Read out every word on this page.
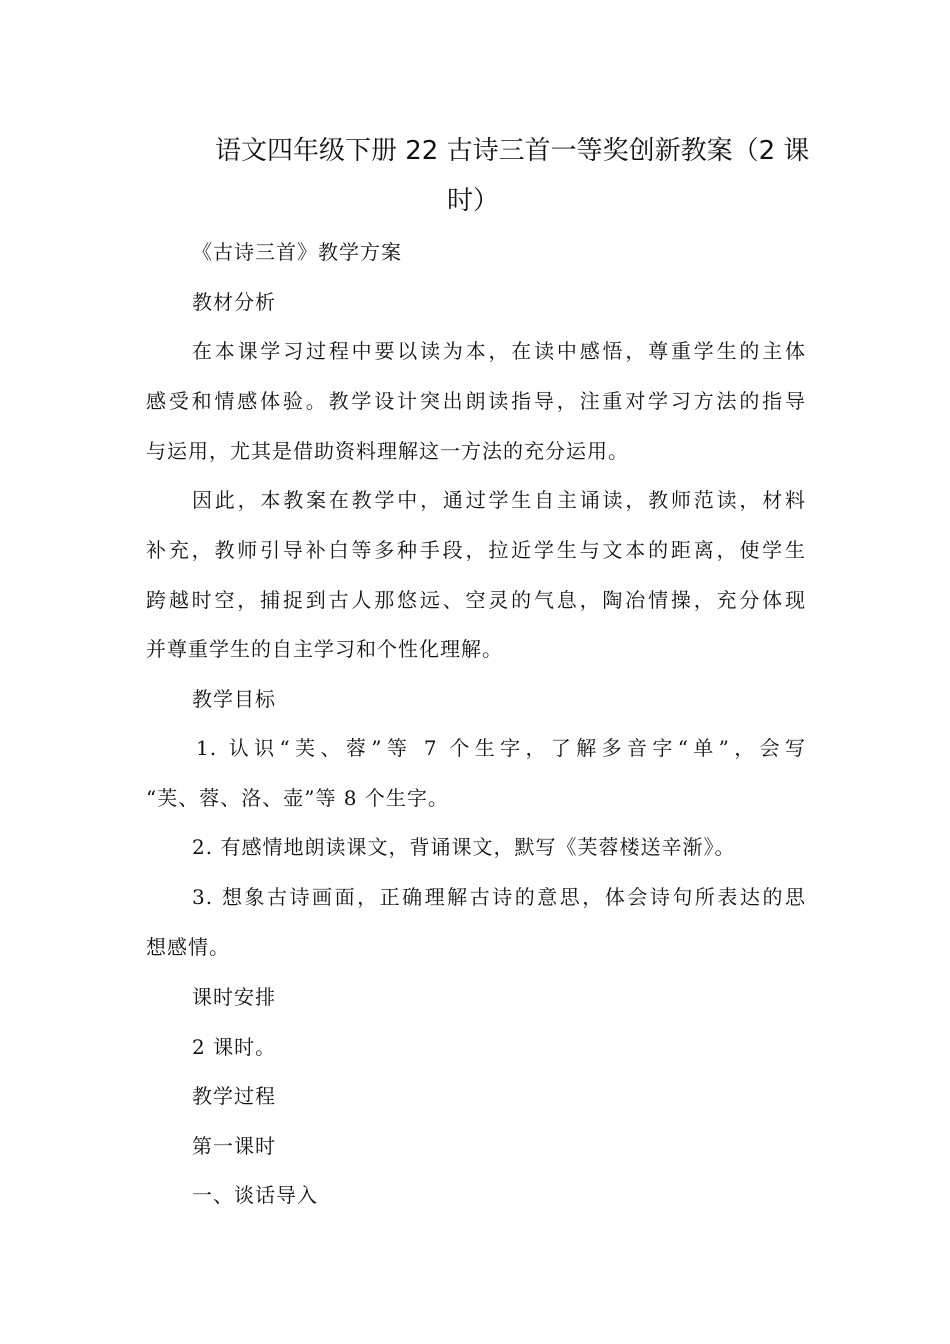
语文四年级下册 22 古诗三首一等奖创新教案（2 课
时）
《古诗三首》教学方案
教材分析
在本课学习过程中要以读为本，在读中感悟，尊重学生的主体
感受和情感体验。教学设计突出朗读指导，注重对学习方法的指导
与运用，尤其是借助资料理解这一方法的充分运用。
因此，本教案在教学中，通过学生自主诵读，教师范读，材料
补充，教师引导补白等多种手段，拉近学生与文本的距离，使学生
跨越时空，捕捉到古人那悠远、空灵的气息，陶冶情操，充分体现
并尊重学生的自主学习和个性化理解。
教学目标
1. 认识“芙、蓉”等 7 个生字，了解多音字“单”，会写
“芙、蓉、洛、壶”等 8 个生字。
2. 有感情地朗读课文，背诵课文，默写《芙蓉楼送辛渐》。
3. 想象古诗画面，正确理解古诗的意思，体会诗句所表达的思
想感情。
课时安排
2 课时。
教学过程
第一课时
一、谈话导入
